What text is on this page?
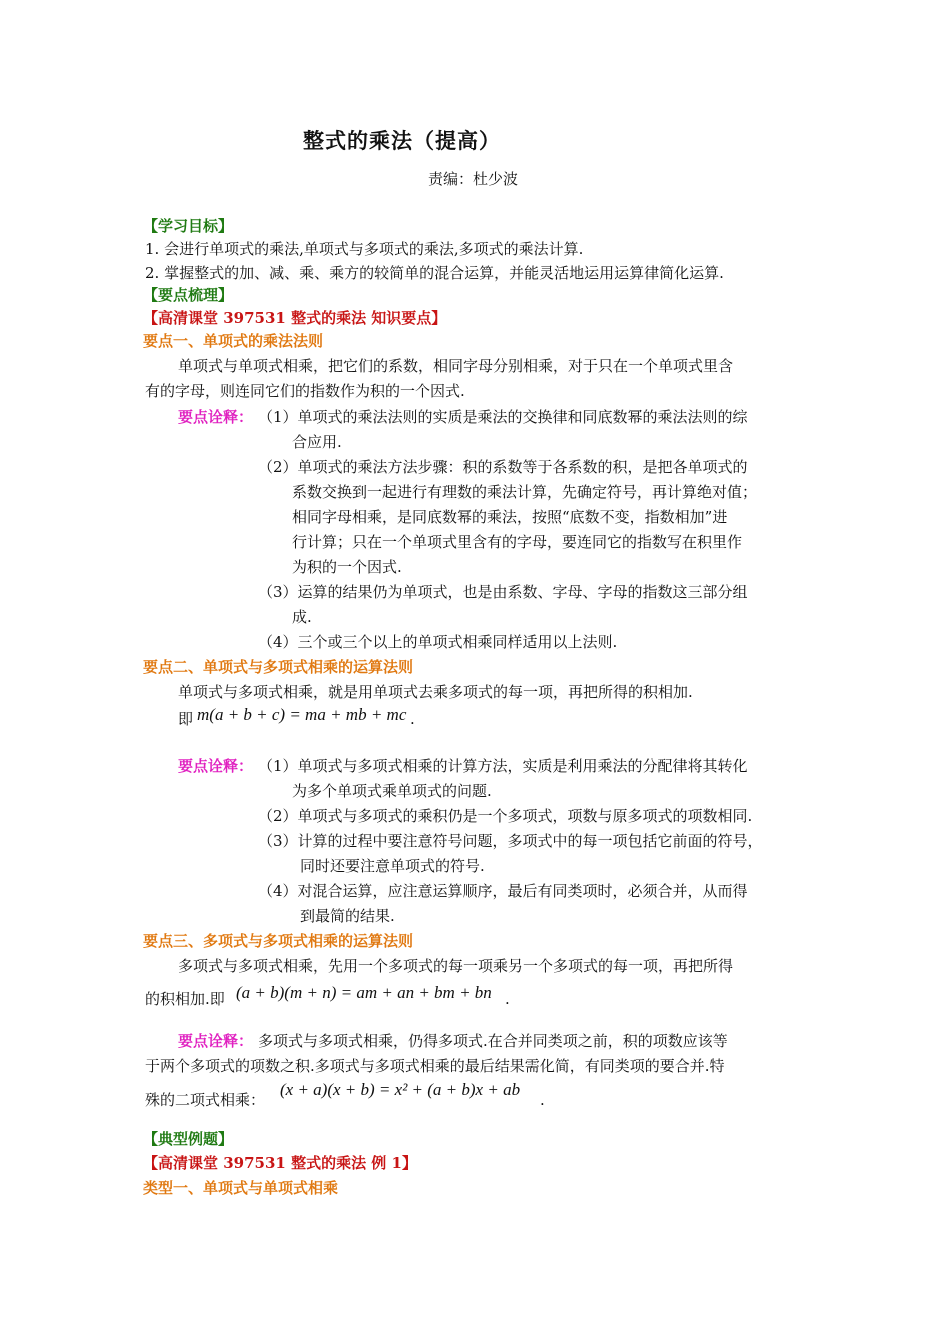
整式的乘法（提高）
责编：杜少波
【学习目标】
1. 会进行单项式的乘法,单项式与多项式的乘法,多项式的乘法计算.
2. 掌握整式的加、减、乘、乘方的较简单的混合运算，并能灵活地运用运算律简化运算.
【要点梳理】
【高清课堂 397531 整式的乘法 知识要点】
要点一、单项式的乘法法则
单项式与单项式相乘，把它们的系数，相同字母分别相乘，对于只在一个单项式里含
有的字母，则连同它们的指数作为积的一个因式.
要点诠释： （1）单项式的乘法法则的实质是乘法的交换律和同底数幂的乘法法则的综
合应用.
（2）单项式的乘法方法步骤：积的系数等于各系数的积，是把各单项式的
系数交换到一起进行有理数的乘法计算，先确定符号，再计算绝对值；
相同字母相乘，是同底数幂的乘法，按照“底数不变，指数相加”进
行计算；只在一个单项式里含有的字母，要连同它的指数写在积里作
为积的一个因式.
（3）运算的结果仍为单项式，也是由系数、字母、字母的指数这三部分组
成.
（4）三个或三个以上的单项式相乘同样适用以上法则.
要点二、单项式与多项式相乘的运算法则
单项式与多项式相乘，就是用单项式去乘多项式的每一项，再把所得的积相加.
即 m(a + b + c) = ma + mb + mc .
要点诠释： （1）单项式与多项式相乘的计算方法，实质是利用乘法的分配律将其转化
为多个单项式乘单项式的问题.
（2）单项式与多项式的乘积仍是一个多项式，项数与原多项式的项数相同.
（3）计算的过程中要注意符号问题，多项式中的每一项包括它前面的符号，
同时还要注意单项式的符号.
（4）对混合运算，应注意运算顺序，最后有同类项时，必须合并，从而得
到最简的结果.
要点三、多项式与多项式相乘的运算法则
多项式与多项式相乘，先用一个多项式的每一项乘另一个多项式的每一项，再把所得
的积相加.即 (a + b)(m + n) = am + an + bm + bn .
要点诠释： 多项式与多项式相乘，仍得多项式.在合并同类项之前，积的项数应该等
于两个多项式的项数之积.多项式与多项式相乘的最后结果需化简，有同类项的要合并.特
殊的二项式相乘：
(x + a)(x + b) = x² + (a + b)x + ab
.
【典型例题】
【高清课堂 397531 整式的乘法 例 1】
类型一、单项式与单项式相乘
